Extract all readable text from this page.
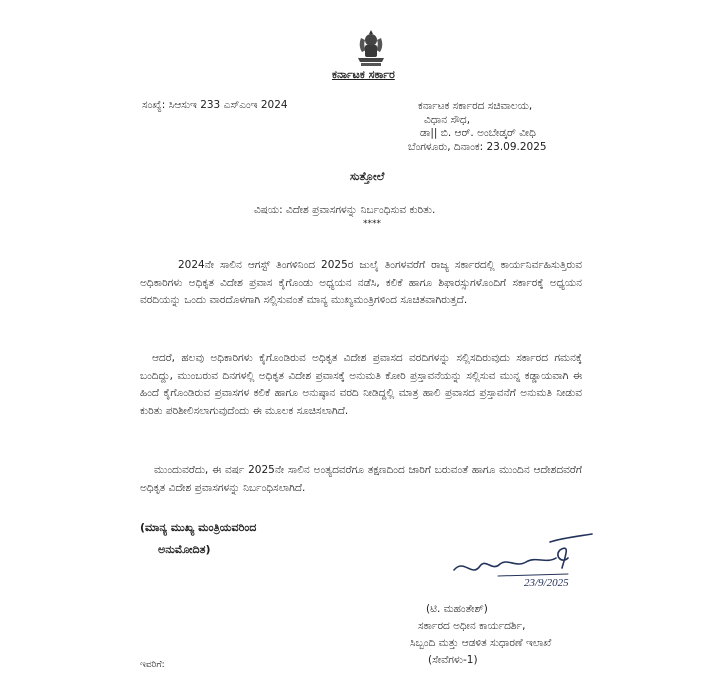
ಕರ್ನಾಟಕ ಸರ್ಕಾರ
ಸಂಖ್ಯೆ: ಸಿಆಸುಇ 233 ಎಸ್ಎಂಇ 2024	ಕರ್ನಾಟಕ ಸರ್ಕಾರದ ಸಚಿವಾಲಯ,
ವಿಧಾನ ಸೌಧ,
ಡಾ|| ಬಿ. ಆರ್. ಅಂಬೇಡ್ಕರ್ ವೀಧಿ
ಬೆಂಗಳೂರು, ದಿನಾಂಕ: 23.09.2025
ಸುತ್ತೋಲೆ
ವಿಷಯ: ವಿದೇಶ ಪ್ರವಾಸಗಳನ್ನು ನಿರ್ಬಂಧಿಸುವ ಕುರಿತು.
****
2024ನೇ ಸಾಲಿನ ಆಗಸ್ಟ್ ತಿಂಗಳಿನಿಂದ 2025ರ ಜುಲೈ ತಿಂಗಳವರೆಗೆ ರಾಜ್ಯ ಸರ್ಕಾರದಲ್ಲಿ ಕಾರ್ಯನಿರ್ವಹಿಸುತ್ತಿರುವ ಅಧಿಕಾರಿಗಳು ಅಧಿಕೃತ ವಿದೇಶ ಪ್ರವಾಸ ಕೈಗೊಂಡು ಅಧ್ಯಯನ ನಡೆಸಿ, ಕಲಿಕೆ ಹಾಗೂ ಶಿಫಾರಸ್ಸುಗಳೊಂದಿಗೆ ಸರ್ಕಾರಕ್ಕೆ ಅಧ್ಯಯನ ವರದಿಯನ್ನು ಒಂದು ವಾರದೊಳಗಾಗಿ ಸಲ್ಲಿಸುವಂತೆ ಮಾನ್ಯ ಮುಖ್ಯಮಂತ್ರಿಗಳಿಂದ ಸೂಚಿತವಾಗಿರುತ್ತದೆ.
ಆದರೆ, ಹಲವು ಅಧಿಕಾರಿಗಳು ಕೈಗೊಂಡಿರುವ ಅಧಿಕೃತ ವಿದೇಶ ಪ್ರವಾಸದ ವರದಿಗಳನ್ನು ಸಲ್ಲಿಸದಿರುವುದು ಸರ್ಕಾರದ ಗಮನಕ್ಕೆ ಬಂದಿದ್ದು, ಮುಂಬರುವ ದಿನಗಳಲ್ಲಿ ಅಧಿಕೃತ ವಿದೇಶ ಪ್ರವಾಸಕ್ಕೆ ಅನುಮತಿ ಕೋರಿ ಪ್ರಸ್ತಾವನೆಯನ್ನು ಸಲ್ಲಿಸುವ ಮುನ್ನ ಕಡ್ಡಾಯವಾಗಿ ಈ ಹಿಂದೆ ಕೈಗೊಂಡಿರುವ ಪ್ರವಾಸಗಳ ಕಲಿಕೆ ಹಾಗೂ ಅನುಷ್ಠಾನ ವರದಿ ನೀಡಿದ್ದಲ್ಲಿ ಮಾತ್ರ ಹಾಲಿ ಪ್ರವಾಸದ ಪ್ರಸ್ತಾವನೆಗೆ ಅನುಮತಿ ನೀಡುವ ಕುರಿತು ಪರಿಶೀಲಿಸಲಾಗುವುದೆಂದು ಈ ಮೂಲಕ ಸೂಚಿಸಲಾಗಿದೆ.
ಮುಂದುವರೆದು, ಈ ವರ್ಷ 2025ನೇ ಸಾಲಿನ ಅಂತ್ಯದವರೆಗೂ ತಕ್ಷಣದಿಂದ ಜಾರಿಗೆ ಬರುವಂತೆ ಹಾಗೂ ಮುಂದಿನ ಆದೇಶದವರೆಗೆ ಅಧಿಕೃತ ವಿದೇಶ ಪ್ರವಾಸಗಳನ್ನು ನಿರ್ಬಂಧಿಸಲಾಗಿದೆ.
(ಮಾನ್ಯ ಮುಖ್ಯ ಮಂತ್ರಿಯವರಿಂದ
ಅನುಮೋದಿತ)
23/9/2025
(ಟಿ. ಮಹಂತೇಶ್)
ಸರ್ಕಾರದ ಅಧೀನ ಕಾರ್ಯದರ್ಶಿ,
ಸಿಬ್ಬಂದಿ ಮತ್ತು ಆಡಳಿತ ಸುಧಾರಣೆ ಇಲಾಖೆ
(ಸೇವೆಗಳು-1)
ಇವರಿಗೆ:
